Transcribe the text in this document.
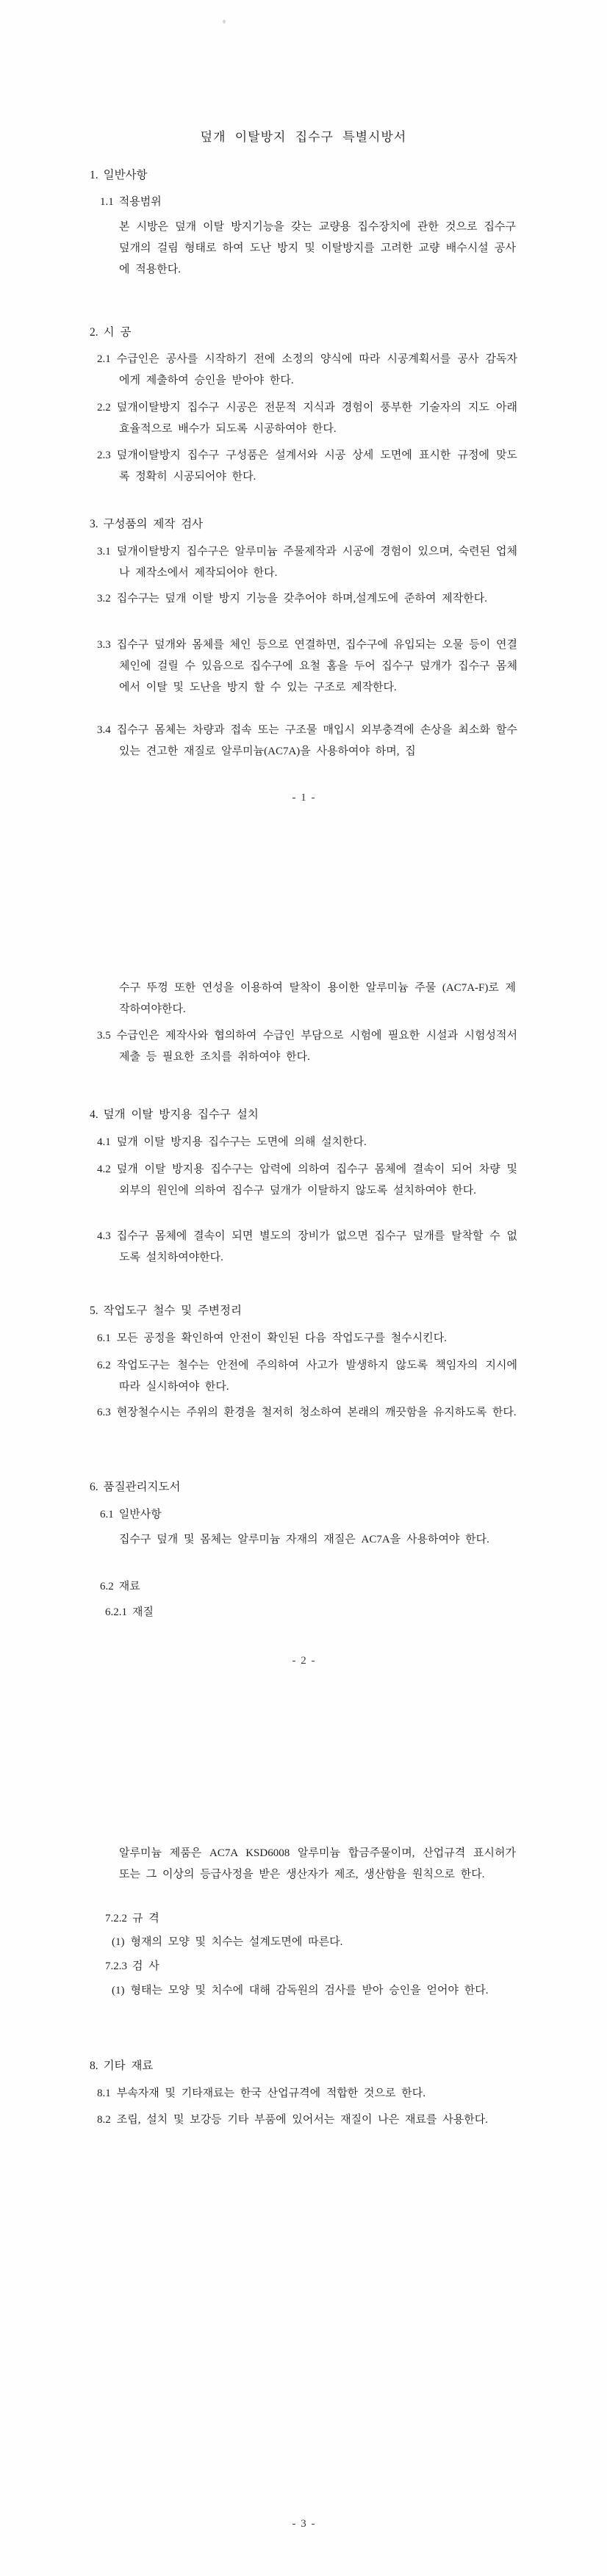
덮개 이탈방지 집수구 특별시방서
1. 일반사항
1.1 적용범위
본 시방은 덮개 이탈 방지기능을 갖는 교량용 집수장치에 관한 것으로 집수구 덮개의 걸림 형태로 하여 도난 방지 및 이탈방지를 고려한 교량 배수시설 공사에 적용한다.
2. 시 공
2.1 수급인은 공사를 시작하기 전에 소정의 양식에 따라 시공계획서를 공사 감독자에게 제출하여 승인을 받아야 한다.
2.2 덮개이탈방지 집수구 시공은 전문적 지식과 경험이 풍부한 기술자의 지도 아래 효율적으로 배수가 되도록 시공하여야 한다.
2.3 덮개이탈방지 집수구 구성품은 설계서와 시공 상세 도면에 표시한 규정에 맞도록 정확히 시공되어야 한다.
3. 구성품의 제작 검사
3.1 덮개이탈방지 집수구은 알루미늄 주물제작과 시공에 경험이 있으며, 숙련된 업체나 제작소에서 제작되어야 한다.
3.2 집수구는 덮개 이탈 방지 기능을 갖추어야 하며,설계도에 준하여 제작한다.
3.3 집수구 덮개와 몸체를 체인 등으로 연결하면, 집수구에 유입되는 오물 등이 연결 체인에 걸릴 수 있음으로 집수구에 요철 홈을 두어 집수구 덮개가 집수구 몸체에서 이탈 및 도난을 방지 할 수 있는 구조로 제작한다.
3.4 집수구 몸체는 차량과 접속 또는 구조물 매입시 외부충격에 손상을 최소화 할수 있는 견고한 재질로 알루미늄(AC7A)을 사용하여야 하며, 집
- 1 -
수구 뚜껑 또한 연성을 이용하여 탈착이 용이한 알루미늄 주물 (AC7A-F)로 제작하여야한다.
3.5 수급인은 제작사와 협의하여 수급인 부담으로 시험에 필요한 시설과 시험성적서 제출 등 필요한 조치를 취하여야 한다.
4. 덮개 이탈 방지용 집수구 설치
4.1 덮개 이탈 방지용 집수구는 도면에 의해 설치한다.
4.2 덮개 이탈 방지용 집수구는 압력에 의하여 집수구 몸체에 결속이 되어 차량 및 외부의 원인에 의하여 집수구 덮개가 이탈하지 않도록 설치하여야 한다.
4.3 집수구 몸체에 결속이 되면 별도의 장비가 없으면 집수구 덮개를 탈착할 수 없도록 설치하여야한다.
5. 작업도구 철수 및 주변정리
6.1 모든 공정을 확인하여 안전이 확인된 다음 작업도구를 철수시킨다.
6.2 작업도구는 철수는 안전에 주의하여 사고가 발생하지 않도록 책임자의 지시에 따라 실시하여야 한다.
6.3 현장철수시는 주위의 환경을 철저히 청소하여 본래의 깨끗함을 유지하도록 한다.
6. 품질관리지도서
6.1 일반사항
집수구 덮개 및 몸체는 알루미늄 자재의 재질은 AC7A을 사용하여야 한다.
6.2 재료
6.2.1 재질
- 2 -
알루미늄 제품은 AC7A KSD6008 알루미늄 합금주물이며, 산업규격 표시허가 또는 그 이상의 등급사정을 받은 생산자가 제조, 생산함을 원칙으로 한다.
7.2.2 규 격
(1) 형재의 모양 및 치수는 설계도면에 따른다.
7.2.3 검 사
(1) 형태는 모양 및 치수에 대해 감독원의 검사를 받아 승인을 얻어야 한다.
8. 기타 재료
8.1 부속자재 및 기타재료는 한국 산업규격에 적합한 것으로 한다.
8.2 조립, 설치 및 보강등 기타 부품에 있어서는 재질이 나은 재료를 사용한다.
- 3 -
